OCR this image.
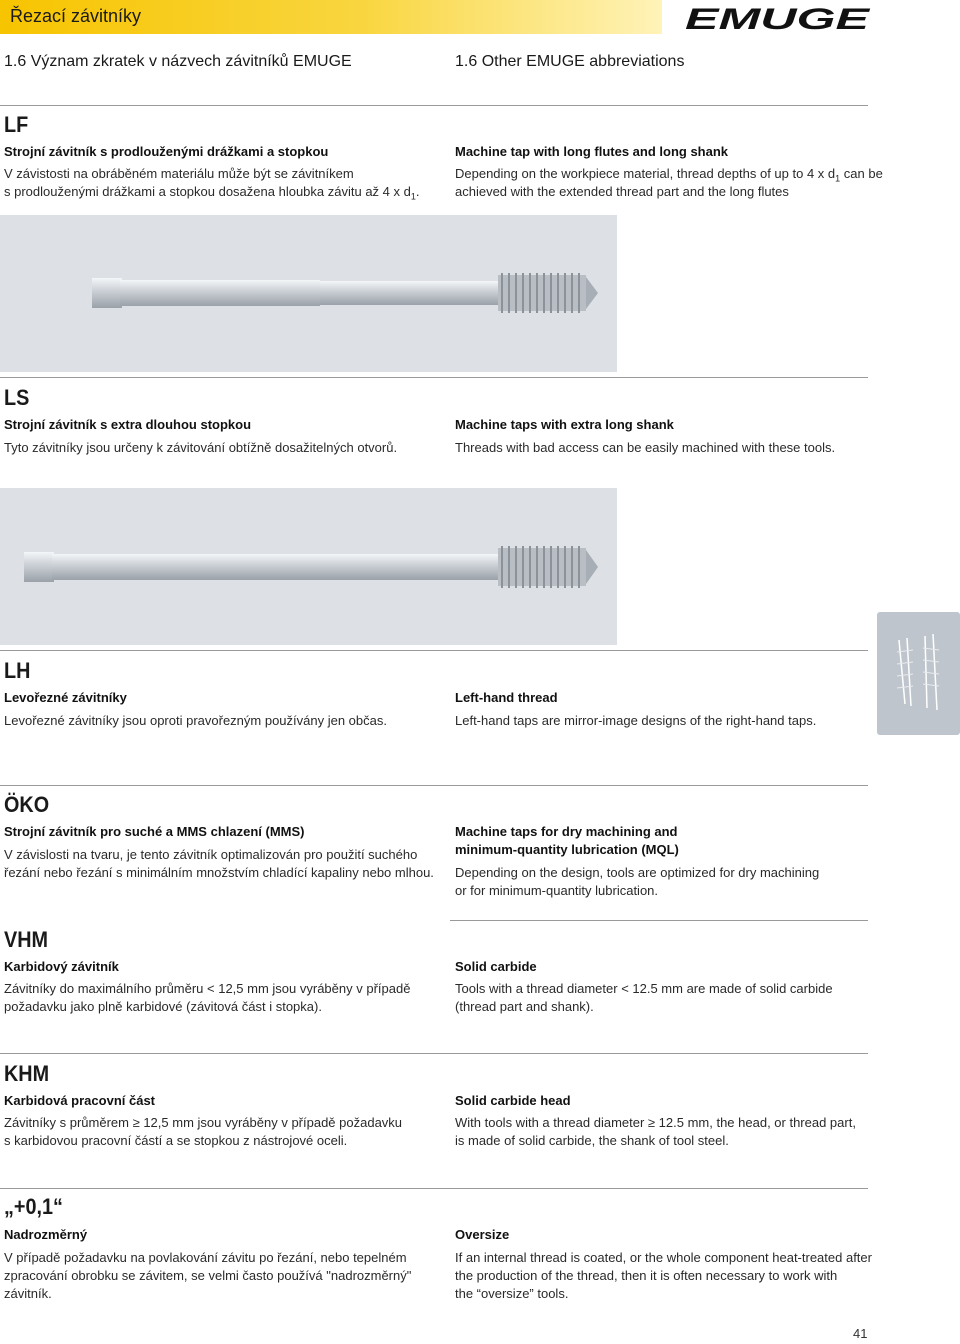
Řezací závitníky	EMUGE
1.6 Význam zkratek v názvech závitníků EMUGE	1.6 Other EMUGE abbreviations
LF
Strojní závitník s prodlouženými drážkami a stopkou
V závistosti na obráběném materiálu může být se závitníkem
s prodlouženými drážkami a stopkou dosažena hloubka závitu až 4 x $d_1$.
Machine tap with long flutes and long shank
Depending on the workpiece material, thread depths of up to 4 x $d_1$ can be
achieved with the extended thread part and the long flutes
LS
Strojní závitník s extra dlouhou stopkou
Tyto závitníky jsou určeny k závitování obtížně dosažitelných otvorů.
Machine taps with extra long shank
Threads with bad access can be easily machined with these tools.
LH
Levořezné závitníky
Levořezné závitníky jsou oproti pravořezným používány jen občas.
Left-hand thread
Left-hand taps are mirror-image designs of the right-hand taps.
ÖKO
Strojní závitník pro suché a MMS chlazení (MMS)
V závislosti na tvaru, je tento závitník optimalizován pro použití suchého
řezání nebo řezání s minimálním množstvím chladící kapaliny nebo mlhou.
Machine taps for dry machining and
minimum-quantity lubrication (MQL)
Depending on the design, tools are optimized for dry machining
or for minimum-quantity lubrication.
VHM
Karbidový závitník
Závitníky do maximálního průměru < 12,5 mm jsou vyráběny v případě
požadavku jako plně karbidové (závitová část i stopka).
Solid carbide
Tools with a thread diameter < 12.5 mm are made of solid carbide
(thread part and shank).
KHM
Karbidová pracovní část
Závitníky s průměrem ≥ 12,5 mm jsou vyráběny v případě požadavku
s karbidovou pracovní částí a se stopkou z nástrojové oceli.
Solid carbide head
With tools with a thread diameter ≥ 12.5 mm, the head, or thread part,
is made of solid carbide, the shank of tool steel.
„+0,1“
Nadrozměrný
V případě požadavku na povlakování závitu po řezání, nebo tepelném
zpracování obrobku se závitem, se velmi často používá "nadrozměrný"
závitník.
Oversize
If an internal thread is coated, or the whole component heat-treated after
the production of the thread, then it is often necessary to work with
the “oversize” tools.
41
